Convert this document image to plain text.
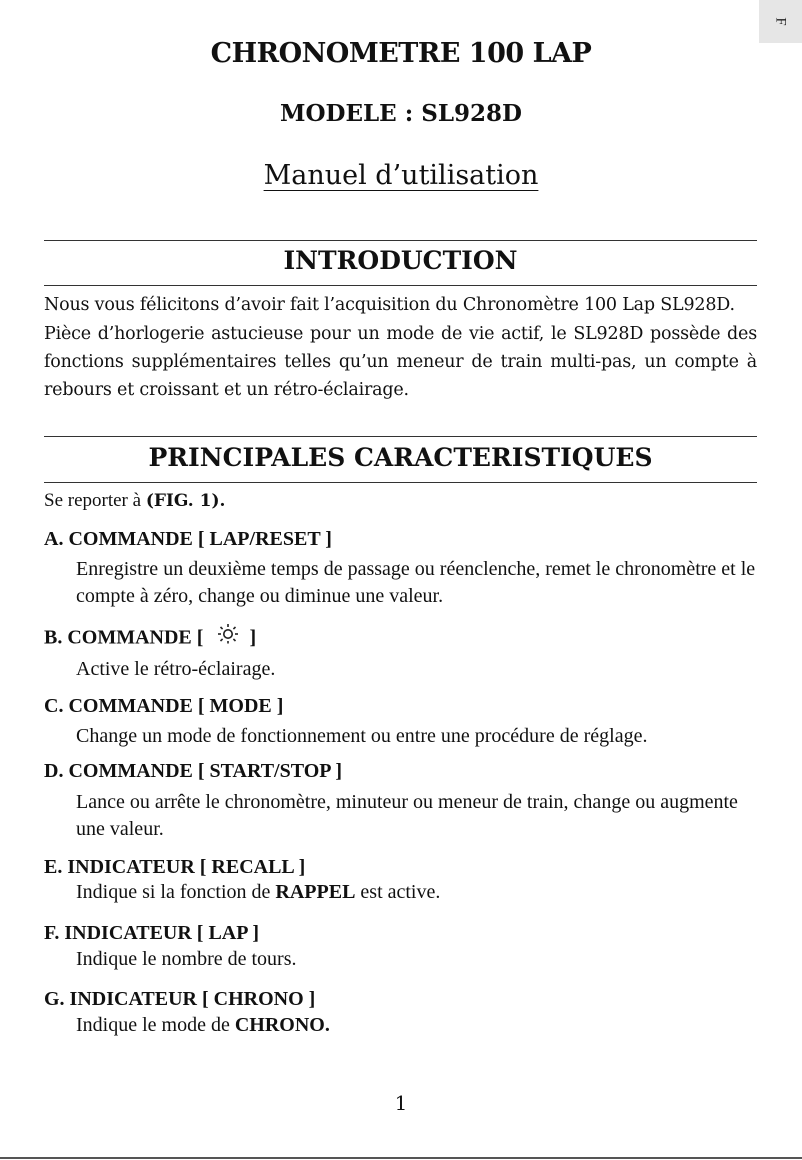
F
CHRONOMETRE 100 LAP
MODELE : SL928D
Manuel d’utilisation
INTRODUCTION
Nous vous félicitons d’avoir fait l’acquisition du Chronomètre 100 Lap SL928D.
Pièce d’horlogerie astucieuse pour un mode de vie actif, le SL928D possède des fonctions supplémentaires telles qu’un meneur de train multi-pas, un compte à rebours et croissant et un rétro-éclairage.
PRINCIPALES CARACTERISTIQUES
Se reporter à (FIG. 1).
A. COMMANDE [ LAP/RESET ]
Enregistre un deuxième temps de passage ou réenclenche, remet le chronomètre et le compte à zéro, change ou diminue une valeur.
B. COMMANDE [ ]
Active le rétro-éclairage.
C. COMMANDE [ MODE ]
Change un mode de fonctionnement ou entre une procédure de réglage.
D. COMMANDE [ START/STOP ]
Lance ou arrête le chronomètre, minuteur ou meneur de train, change ou augmente une valeur.
E. INDICATEUR [ RECALL ]
Indique si la fonction de RAPPEL est active.
F. INDICATEUR [ LAP ]
Indique le nombre de tours.
G. INDICATEUR [ CHRONO ]
Indique le mode de CHRONO.
1
